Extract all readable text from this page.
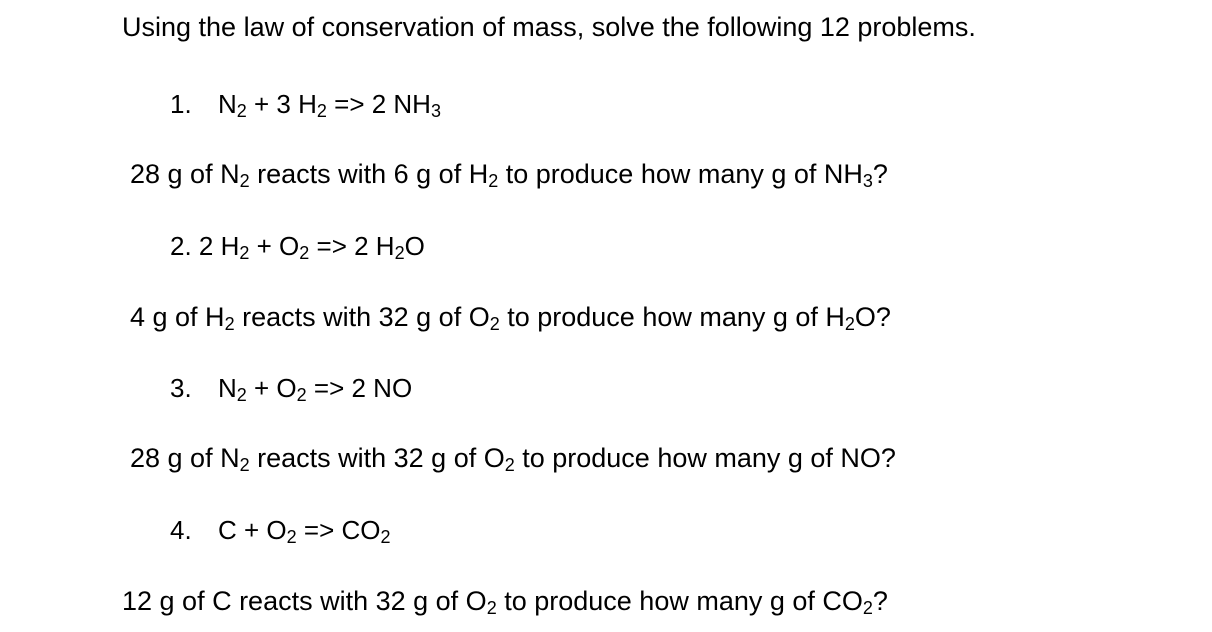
Using the law of conservation of mass, solve the following 12 problems.
1. $N_2 + 3$ $H_2 => 2$ $NH_3$
28 g of $N_2$ reacts with 6 g of $H_2$ to produce how many g of $NH_3$?
2. 2 $H_2 + O_2 => 2$ $H_2O$
4 g of $H_2$ reacts with 32 g of $O_2$ to produce how many g of $H_2O$?
3. $N_2 + O_2 => 2$ NO
28 g of $N_2$ reacts with 32 g of $O_2$ to produce how many g of NO?
4. $C + O_2 => CO_2$
12 g of C reacts with 32 g of $O_2$ to produce how many g of $CO_2$?
